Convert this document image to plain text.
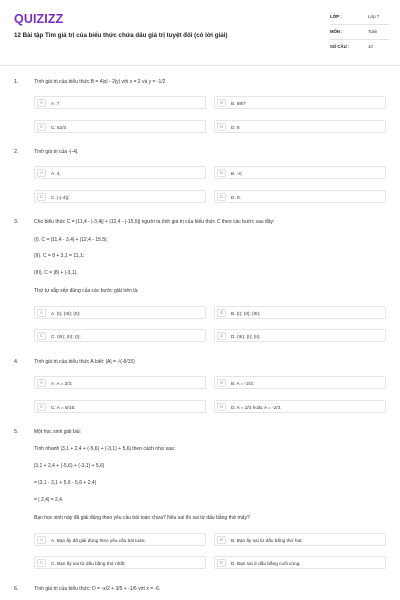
QUIZIZZ
12 Bài tập Tìm giá trị của biểu thức chứa dấu giá trị tuyệt đối (có lời giải)
LỚP :	Lớp 7
MÔN :	Toán
SỐ CÂU :	10
1.	Tính giá trị của biểu thức B = 4|x| - 2|y| với x = 2 và y = -1/2
A	A. 7	B	B. 69/7
C	C. 52/3	D	D. 8
2.	Tính giá trị của -|-4|.
A	A. 4;	B	B. -4;
C	C. |-(-4)|;	D	D. 0.
3.	Cho biểu thức C = |11,4 - |-3,4|| + |12,4 - |-15,5|| người ta tính giá trị của biểu thức C theo các bước sau đây:
(I). C = |11,4 - 3,4| + |12,4 - 15,5|;
(II). C = 8 + 3,1 = 11,1;
(III). C = |8| + |-3,1|.
Thứ tự sắp xếp đúng của các bước giải trên là:
A	A. (I); (III); (II);	B	B. (I); (II); (III);
C	C. (III); (II); (I);	D	D. (III); (I); (II).
4.	Tính giá trị của biểu thức A biết: |A| = √(-8/15)
A	A. A = 2/3;	B	B. A = -2/3;
C	C. A = 8/15;	D	D. A = 2/3 hoặc A = -2/3.
5.	Một học sinh giải bài:
Tính nhanh |3,1 + 2,4 + (-5,6) + (-3,1) + 5,6| theo cách như sau:
|3,1 + 2,4 + (-5,6) + (-3,1) + 5,6|
= |3,1 - 3,1 + 5,6 - 5,6 + 2,4|
= | 2,4| = 2,4.
Bạn học sinh này đã giải đúng theo yêu cầu bài toán chưa? Nếu sai thì sai từ dấu bằng thứ mấy?
A	A. Bạn ấy đã giải đúng theo yêu cầu bài toán;	B	B. Bạn ấy sai từ dấu bằng thứ hai;
C	C. Bạn ấy sai từ dấu bằng thứ nhất;	D	D. Bạn sai ở dấu bằng cuối cùng.
6.	Tính giá trị của biểu thức: D = -x/2 + 3/5 + -1/6 với x = -6.
